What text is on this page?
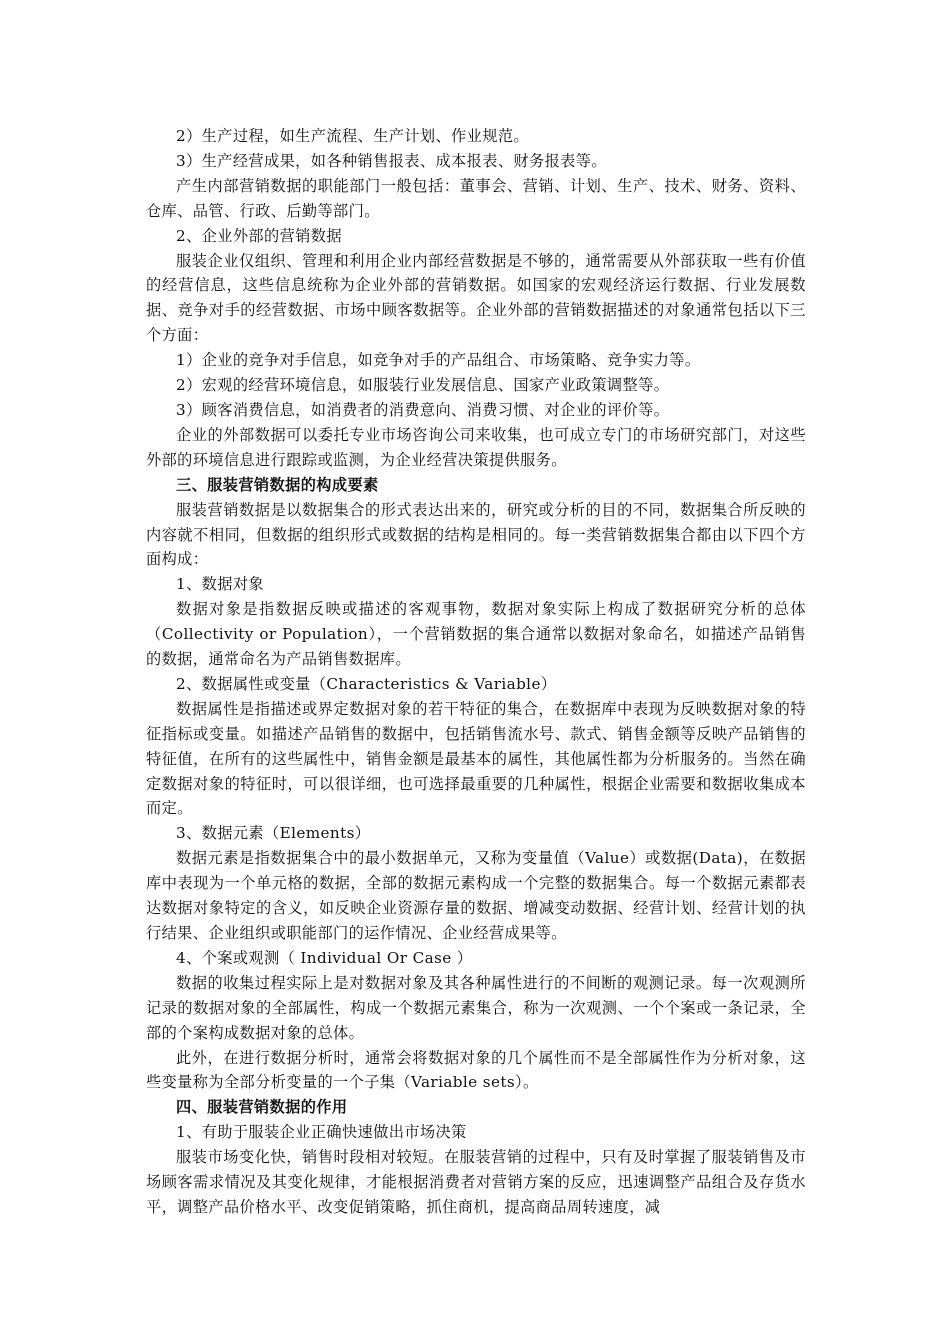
2）生产过程，如生产流程、生产计划、作业规范。

3）生产经营成果，如各种销售报表、成本报表、财务报表等。

产生内部营销数据的职能部门一般包括：董事会、营销、计划、生产、技术、财务、资料、仓库、品管、行政、后勤等部门。

2、企业外部的营销数据

服装企业仅组织、管理和利用企业内部经营数据是不够的，通常需要从外部获取一些有价值的经营信息，这些信息统称为企业外部的营销数据。如国家的宏观经济运行数据、行业发展数据、竞争对手的经营数据、市场中顾客数据等。企业外部的营销数据描述的对象通常包括以下三个方面：

1）企业的竞争对手信息，如竞争对手的产品组合、市场策略、竞争实力等。

2）宏观的经营环境信息，如服装行业发展信息、国家产业政策调整等。

3）顾客消费信息，如消费者的消费意向、消费习惯、对企业的评价等。

企业的外部数据可以委托专业市场咨询公司来收集，也可成立专门的市场研究部门，对这些外部的环境信息进行跟踪或监测，为企业经营决策提供服务。

三、服装营销数据的构成要素

服装营销数据是以数据集合的形式表达出来的，研究或分析的目的不同，数据集合所反映的内容就不相同，但数据的组织形式或数据的结构是相同的。每一类营销数据集合都由以下四个方面构成：

1、数据对象

数据对象是指数据反映或描述的客观事物，数据对象实际上构成了数据研究分析的总体（Collectivity or Population），一个营销数据的集合通常以数据对象命名，如描述产品销售的数据，通常命名为产品销售数据库。

2、数据属性或变量（Characteristics & Variable）

数据属性是指描述或界定数据对象的若干特征的集合，在数据库中表现为反映数据对象的特征指标或变量。如描述产品销售的数据中，包括销售流水号、款式、销售金额等反映产品销售的特征值，在所有的这些属性中，销售金额是最基本的属性，其他属性都为分析服务的。当然在确定数据对象的特征时，可以很详细，也可选择最重要的几种属性，根据企业需要和数据收集成本而定。

3、数据元素（Elements）

数据元素是指数据集合中的最小数据单元，又称为变量值（Value）或数据(Data)，在数据库中表现为一个单元格的数据，全部的数据元素构成一个完整的数据集合。每一个数据元素都表达数据对象特定的含义，如反映企业资源存量的数据、增减变动数据、经营计划、经营计划的执行结果、企业组织或职能部门的运作情况、企业经营成果等。

4、个案或观测（ Individual Or Case ）

数据的收集过程实际上是对数据对象及其各种属性进行的不间断的观测记录。每一次观测所记录的数据对象的全部属性，构成一个数据元素集合，称为一次观测、一个个案或一条记录，全部的个案构成数据对象的总体。

此外，在进行数据分析时，通常会将数据对象的几个属性而不是全部属性作为分析对象，这些变量称为全部分析变量的一个子集（Variable sets）。

四、服装营销数据的作用

1、有助于服装企业正确快速做出市场决策

服装市场变化快，销售时段相对较短。在服装营销的过程中，只有及时掌握了服装销售及市场顾客需求情况及其变化规律，才能根据消费者对营销方案的反应，迅速调整产品组合及存货水平，调整产品价格水平、改变促销策略，抓住商机，提高商品周转速度，减
